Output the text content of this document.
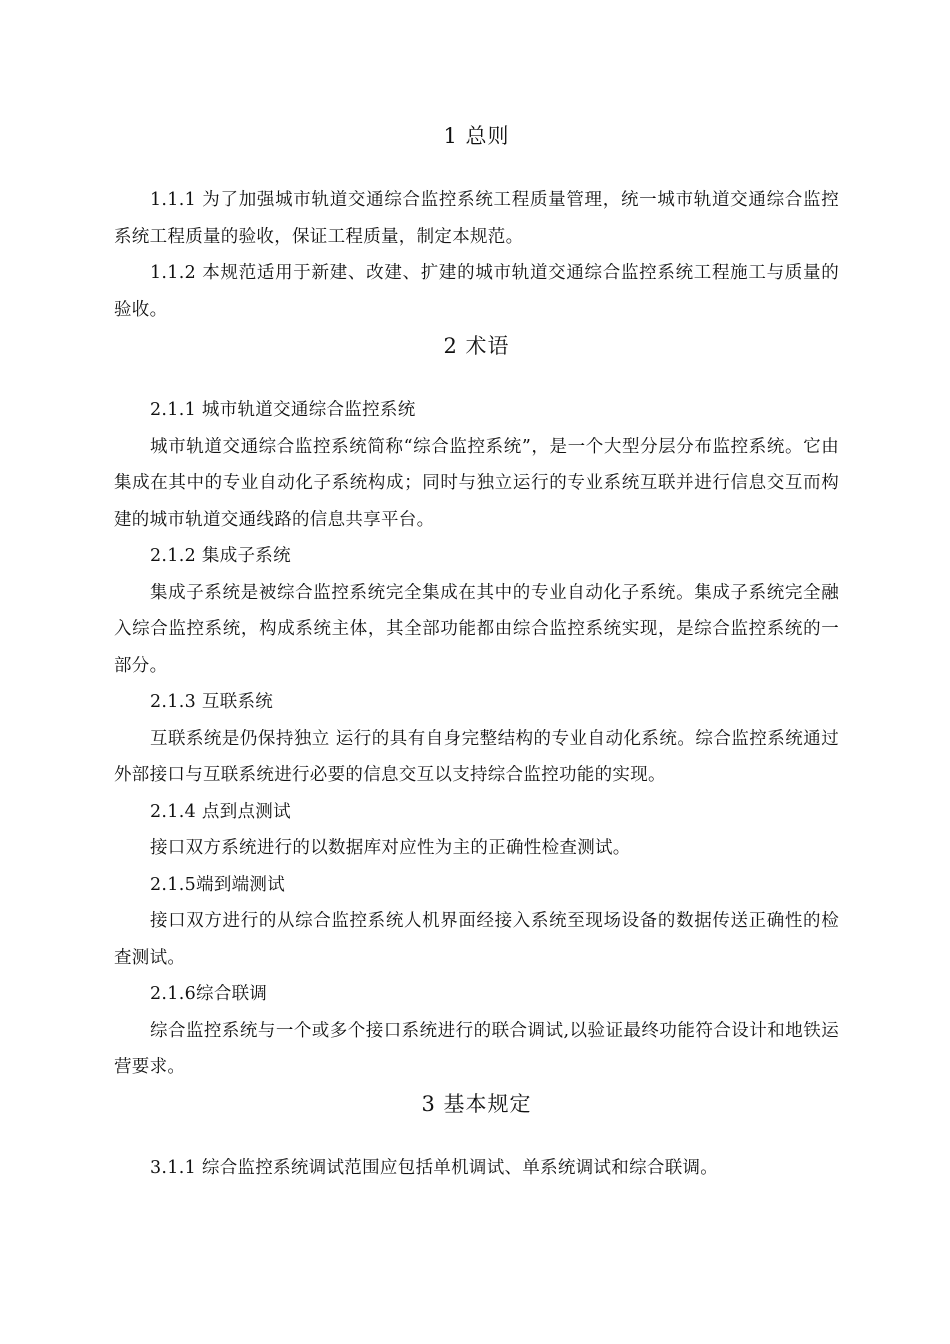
1 总则

1.1.1 为了加强城市轨道交通综合监控系统工程质量管理，统一城市轨道交通综合监控系统工程质量的验收，保证工程质量，制定本规范。

1.1.2 本规范适用于新建、改建、扩建的城市轨道交通综合监控系统工程施工与质量的验收。

2 术语

2.1.1 城市轨道交通综合监控系统

城市轨道交通综合监控系统简称“综合监控系统”，是一个大型分层分布监控系统。它由集成在其中的专业自动化子系统构成；同时与独立运行的专业系统互联并进行信息交互而构建的城市轨道交通线路的信息共享平台。

2.1.2 集成子系统

集成子系统是被综合监控系统完全集成在其中的专业自动化子系统。集成子系统完全融入综合监控系统，构成系统主体，其全部功能都由综合监控系统实现，是综合监控系统的一部分。

2.1.3 互联系统

互联系统是仍保持独立 运行的具有自身完整结构的专业自动化系统。综合监控系统通过外部接口与互联系统进行必要的信息交互以支持综合监控功能的实现。

2.1.4 点到点测试

接口双方系统进行的以数据库对应性为主的正确性检查测试。

2.1.5端到端测试

接口双方进行的从综合监控系统人机界面经接入系统至现场设备的数据传送正确性的检查测试。

2.1.6综合联调

综合监控系统与一个或多个接口系统进行的联合调试,以验证最终功能符合设计和地铁运营要求。

3 基本规定

3.1.1 综合监控系统调试范围应包括单机调试、单系统调试和综合联调。
